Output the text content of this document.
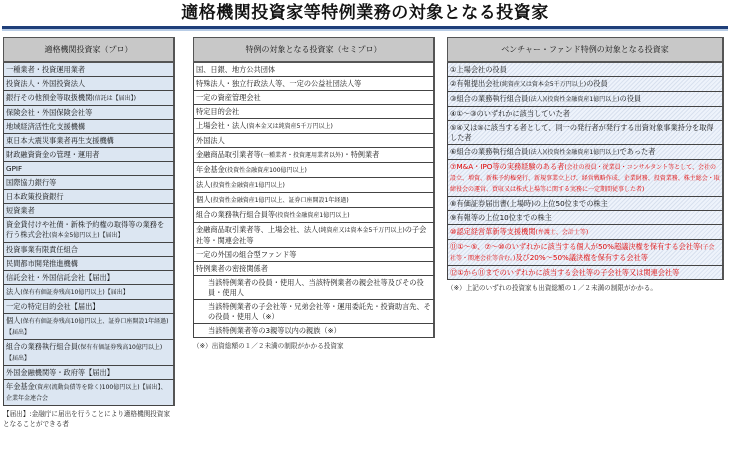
適格機関投資家等特例業務の対象となる投資家
適格機関投資家（プロ）
一種業者・投資運用業者
投資法人・外国投資法人
銀行その他預金等取扱機関(信託は【届出】)
保険会社・外国保険会社等
地域経済活性化支援機構
東日本大震災事業者再生支援機構
財政融資資金の管理・運用者
GPIF
国際協力銀行等
日本政策投資銀行
短資業者
資金貸付けや社債・新株予約権の取得等の業務を行う株式会社(資本金5億円以上)【届出】
投資事業有限責任組合
民間都市開発推進機構
信託会社・外国信託会社【届出】
法人(保有有価証券残高10億円以上)【届出】
一定の特定目的会社【届出】
個人(保有有価証券残高10億円以上、証券口座開設1年経過)【届出】
組合の業務執行組合員(保有有価証券残高10億円以上)【届出】
外国金融機関等・政府等【届出】
年金基金(資産(流動負債等を除く)100億円以上)【届出】、企業年金連合会
【届出】:金融庁に届出を行うことにより適格機関投資家となることができる者
特例の対象となる投資家（セミプロ）
国、日銀、地方公共団体
特殊法人・独立行政法人等、一定の公益社団法人等
一定の資産管理会社
特定目的会社
上場会社・法人(資本金又は純資産5千万円以上)
外国法人
金融商品取引業者等(一種業者・投資運用業者以外)・特例業者
年金基金(投資性金融資産100億円以上)
法人(投資性金融資産1億円以上)
個人(投資性金融資産1億円以上、証券口座開設1年経過)
組合の業務執行組合員等(投資性金融資産1億円以上)
金融商品取引業者等、上場会社、法人(純資産又は資本金5千万円以上)の子会社等・関連会社等
一定の外国の組合型ファンド等
特例業者の密接関係者
当該特例業者の役員・使用人、当該特例業者の親会社等及びその役員・使用人
当該特例業者の子会社等・兄弟会社等・運用委託先・投資助言先、その役員・使用人（※）
当該特例業者等の3親等以内の親族（※）
（※）出資総額の１／２未満の制限がかかる投資家
ベンチャー・ファンド特例の対象となる投資家
①上場会社の役員
②有報提出会社(純資産又は資本金5千万円以上)の役員
③組合の業務執行組合員(法人)(投資性金融資産1億円以上)の役員
④①～③のいずれかに該当していた者
⑤④又は⑤に該当する者として、同一の発行者が発行する出資対象事業持分を取得した者
⑥組合の業務執行組合員(法人)(投資性金融資産1億円以上)であった者
⑦M&A・IPO等の実務経験のある者(会社の役員・従業員・コンサルタント等として、会社の設立、増資、新株予約権発行、新規事業立上げ、経営戦略作成、企業財務、投資業務、株主総会・取締役会の運営、買収又は株式上場等に関する実務に一定期間従事した者)
⑧有価証券届出書(上場時)の上位50位までの株主
⑨有報等の上位10位までの株主
⑩認定経営革新等支援機関(弁護士、会計士等)
⑪①～⑤、⑦～⑩のいずれかに該当する個人が50%超議決権を保有する会社等(子会社等・関連会社等含む。)及び20%～50%議決権を保有する会社等
⑫①から⑪までのいずれかに該当する会社等の子会社等又は関連会社等
（※）上記のいずれの投資家も出資総額の１／２未満の制限がかかる。
